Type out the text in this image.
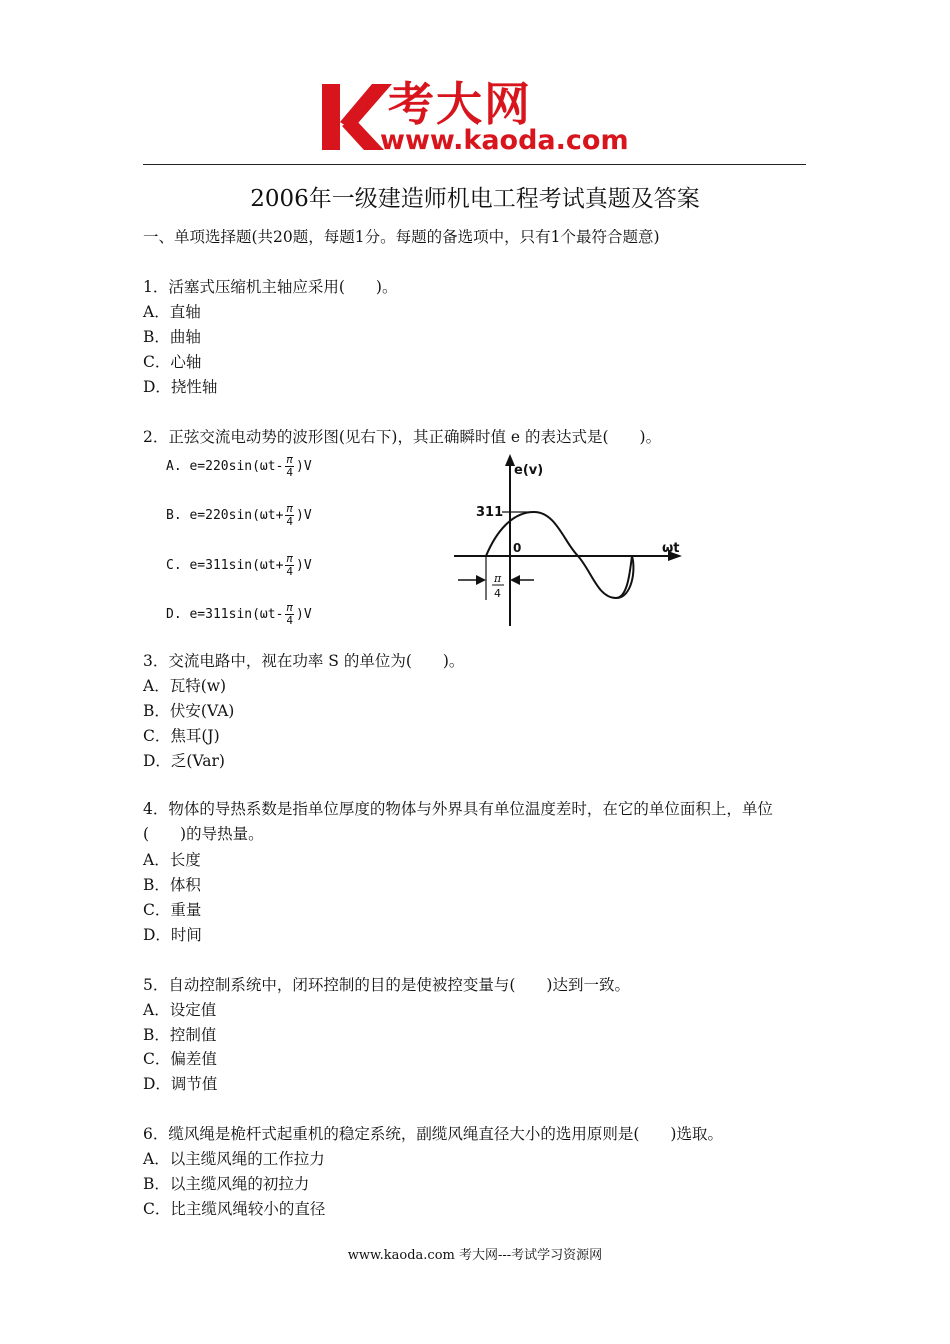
考大网
www.kaoda.com
2006年一级建造师机电工程考试真题及答案
一、单项选择题(共20题，每题1分。每题的备选项中，只有1个最符合题意)
1．活塞式压缩机主轴应采用(　　)。
A．直轴
B．曲轴
C．心轴
D．挠性轴
2．正弦交流电动势的波形图(见右下)，其正确瞬时值 e 的表达式是(　　)。
A. $e=220\sin(\omega t- \frac{\pi}{4} )V$
B. $e=220\sin(\omega t+ \frac{\pi}{4} )V$
C. $e=311\sin(\omega t+ \frac{\pi}{4} )V$
D. $e=311\sin(\omega t- \frac{\pi}{4} )V$
e(v)
ωt
311
0
π
4
3．交流电路中，视在功率 S 的单位为(　　)。
A．瓦特(w)
B．伏安(VA)
C．焦耳(J)
D．乏(Var)
4．物体的导热系数是指单位厚度的物体与外界具有单位温度差时，在它的单位面积上，单位(　　)的导热量。
A．长度
B．体积
C．重量
D．时间
5．自动控制系统中，闭环控制的目的是使被控变量与(　　)达到一致。
A．设定值
B．控制值
C．偏差值
D．调节值
6．缆风绳是桅杆式起重机的稳定系统，副缆风绳直径大小的选用原则是(　　)选取。
A．以主缆风绳的工作拉力
B．以主缆风绳的初拉力
C．比主缆风绳较小的直径
www.kaoda.com 考大网---考试学习资源网
